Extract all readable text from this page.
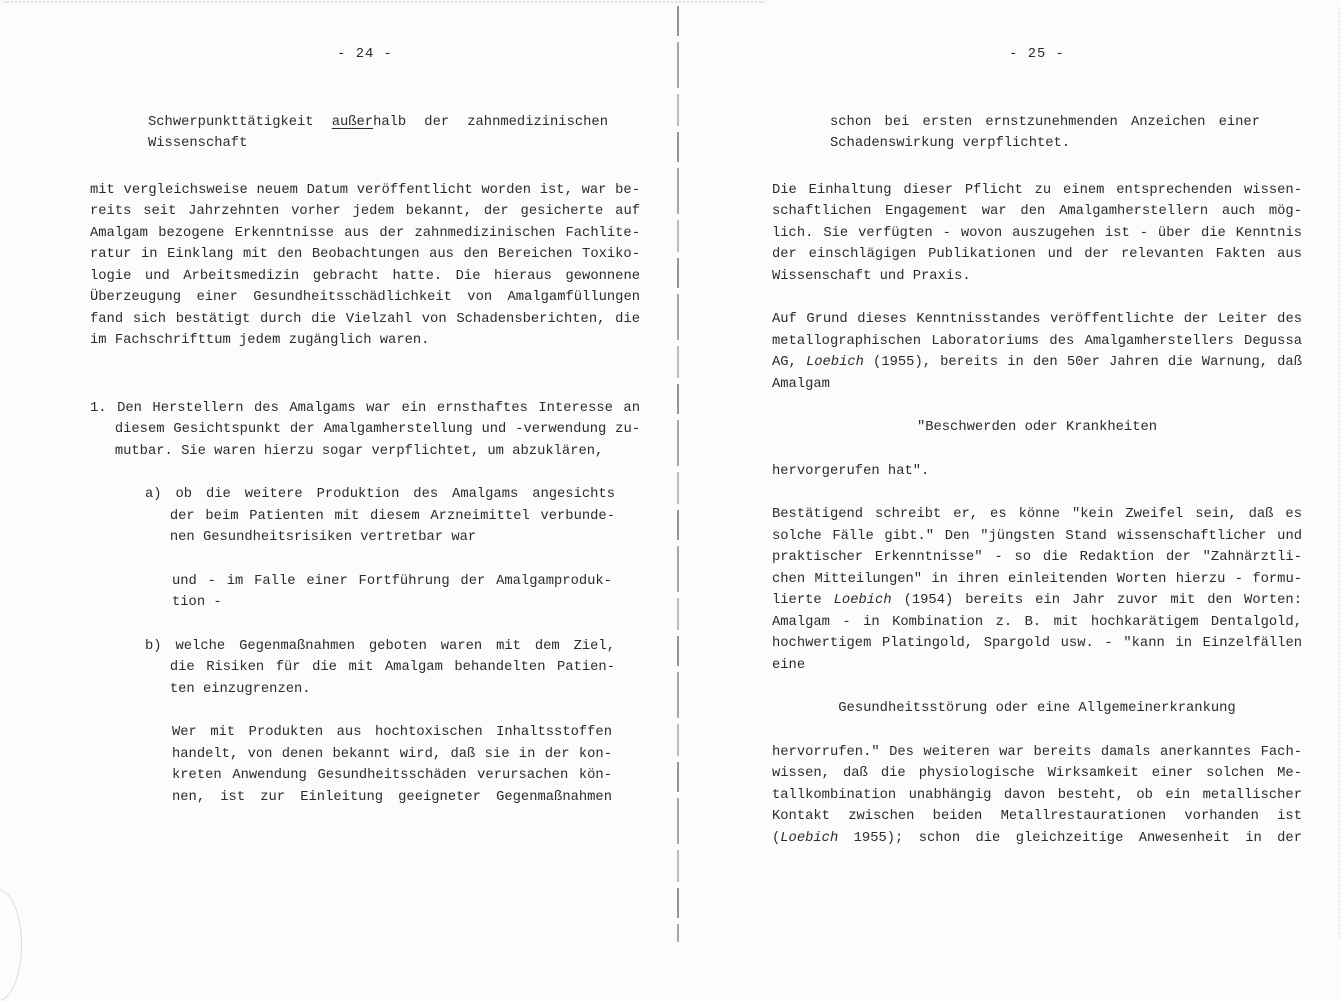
- 24 -
Schwerpunkttätigkeit außerhalb der zahnmedizinischen
Wissenschaft
mit vergleichsweise neuem Datum veröffentlicht worden ist, war be-
reits seit Jahrzehnten vorher jedem bekannt, der gesicherte auf
Amalgam bezogene Erkenntnisse aus der zahnmedizinischen Fachlite-
ratur in Einklang mit den Beobachtungen aus den Bereichen Toxiko-
logie und Arbeitsmedizin gebracht hatte. Die hieraus gewonnene
Überzeugung einer Gesundheitsschädlichkeit von Amalgamfüllungen
fand sich bestätigt durch die Vielzahl von Schadensberichten, die
im Fachschrifttum jedem zugänglich waren.
1. Den Herstellern des Amalgams war ein ernsthaftes Interesse an
diesem Gesichtspunkt der Amalgamherstellung und -verwendung zu-
mutbar. Sie waren hierzu sogar verpflichtet, um abzuklären,
a) ob die weitere Produktion des Amalgams angesichts
der beim Patienten mit diesem Arzneimittel verbunde-
nen Gesundheitsrisiken vertretbar war
und - im Falle einer Fortführung der Amalgamproduk-
tion -
b) welche Gegenmaßnahmen geboten waren mit dem Ziel,
die Risiken für die mit Amalgam behandelten Patien-
ten einzugrenzen.
Wer mit Produkten aus hochtoxischen Inhaltsstoffen
handelt, von denen bekannt wird, daß sie in der kon-
kreten Anwendung Gesundheitsschäden verursachen kön-
nen, ist zur Einleitung geeigneter Gegenmaßnahmen
- 25 -
schon bei ersten ernstzunehmenden Anzeichen einer
Schadenswirkung verpflichtet.
Die Einhaltung dieser Pflicht zu einem entsprechenden wissen-
schaftlichen Engagement war den Amalgamherstellern auch mög-
lich. Sie verfügten - wovon auszugehen ist - über die Kenntnis
der einschlägigen Publikationen und der relevanten Fakten aus
Wissenschaft und Praxis.
Auf Grund dieses Kenntnisstandes veröffentlichte der Leiter des
metallographischen Laboratoriums des Amalgamherstellers Degussa
AG, Loebich (1955), bereits in den 50er Jahren die Warnung, daß
Amalgam
"Beschwerden oder Krankheiten
hervorgerufen hat".
Bestätigend schreibt er, es könne "kein Zweifel sein, daß es
solche Fälle gibt." Den "jüngsten Stand wissenschaftlicher und
praktischer Erkenntnisse" - so die Redaktion der "Zahnärztli-
chen Mitteilungen" in ihren einleitenden Worten hierzu - formu-
lierte Loebich (1954) bereits ein Jahr zuvor mit den Worten:
Amalgam - in Kombination z. B. mit hochkarätigem Dentalgold,
hochwertigem Platingold, Spargold usw. - "kann in Einzelfällen
eine
Gesundheitsstörung oder eine Allgemeinerkrankung
hervorrufen." Des weiteren war bereits damals anerkanntes Fach-
wissen, daß die physiologische Wirksamkeit einer solchen Me-
tallkombination unabhängig davon besteht, ob ein metallischer
Kontakt zwischen beiden Metallrestaurationen vorhanden ist
(Loebich 1955); schon die gleichzeitige Anwesenheit in der
